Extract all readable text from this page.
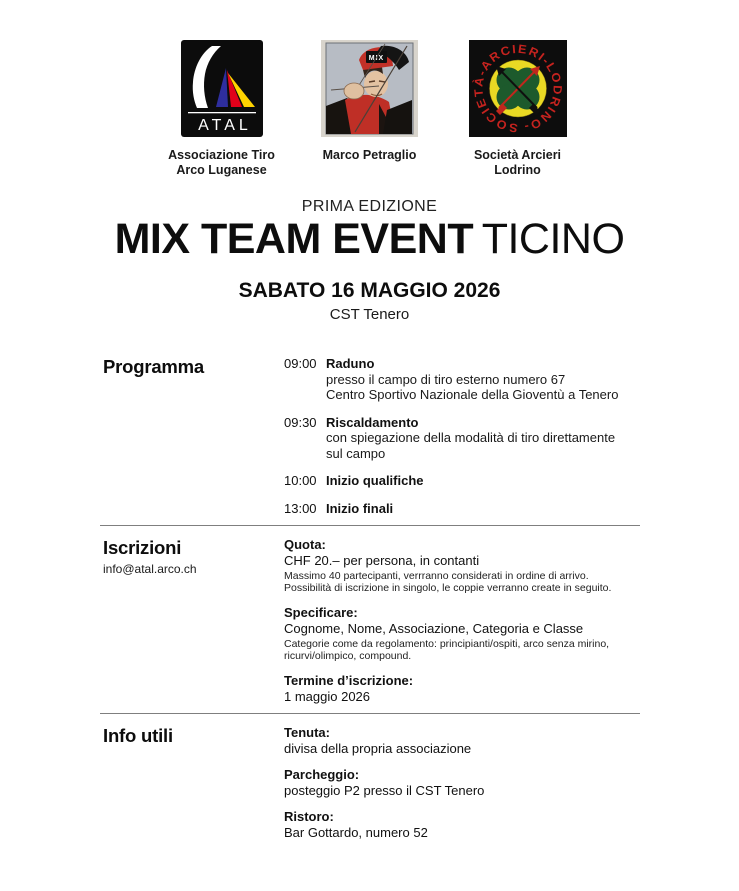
ATAL
Associazione Tiro
Arco Luganese
MIX
Marco Petraglio
SOCIETÀ-ARCIERI-LODRINO-
Società Arcieri
Lodrino
PRIMA EDIZIONE
MIX TEAM EVENT TICINO
SABATO 16 MAGGIO 2026
CST Tenero
Programma	09:00 Raduno
presso il campo di tiro esterno numero 67
Centro Sportivo Nazionale della Gioventù a Tenero
09:30 Riscaldamento
con spiegazione della modalità di tiro direttamente
sul campo
10:00 Inizio qualifiche
13:00 Inizio finali
Iscrizioni
info@atal.arco.ch
Quota:
CHF 20.– per persona, in contanti
Massimo 40 partecipanti, verrranno considerati in ordine di arrivo.
Possibilità di iscrizione in singolo, le coppie verranno create in seguito.
Specificare:
Cognome, Nome, Associazione, Categoria e Classe
Categorie come da regolamento: principianti/ospiti, arco senza mirino,
ricurvi/olimpico, compound.
Termine d’iscrizione:
1 maggio 2026
Info utili	Tenuta:
divisa della propria associazione
Parcheggio:
posteggio P2 presso il CST Tenero
Ristoro:
Bar Gottardo, numero 52
